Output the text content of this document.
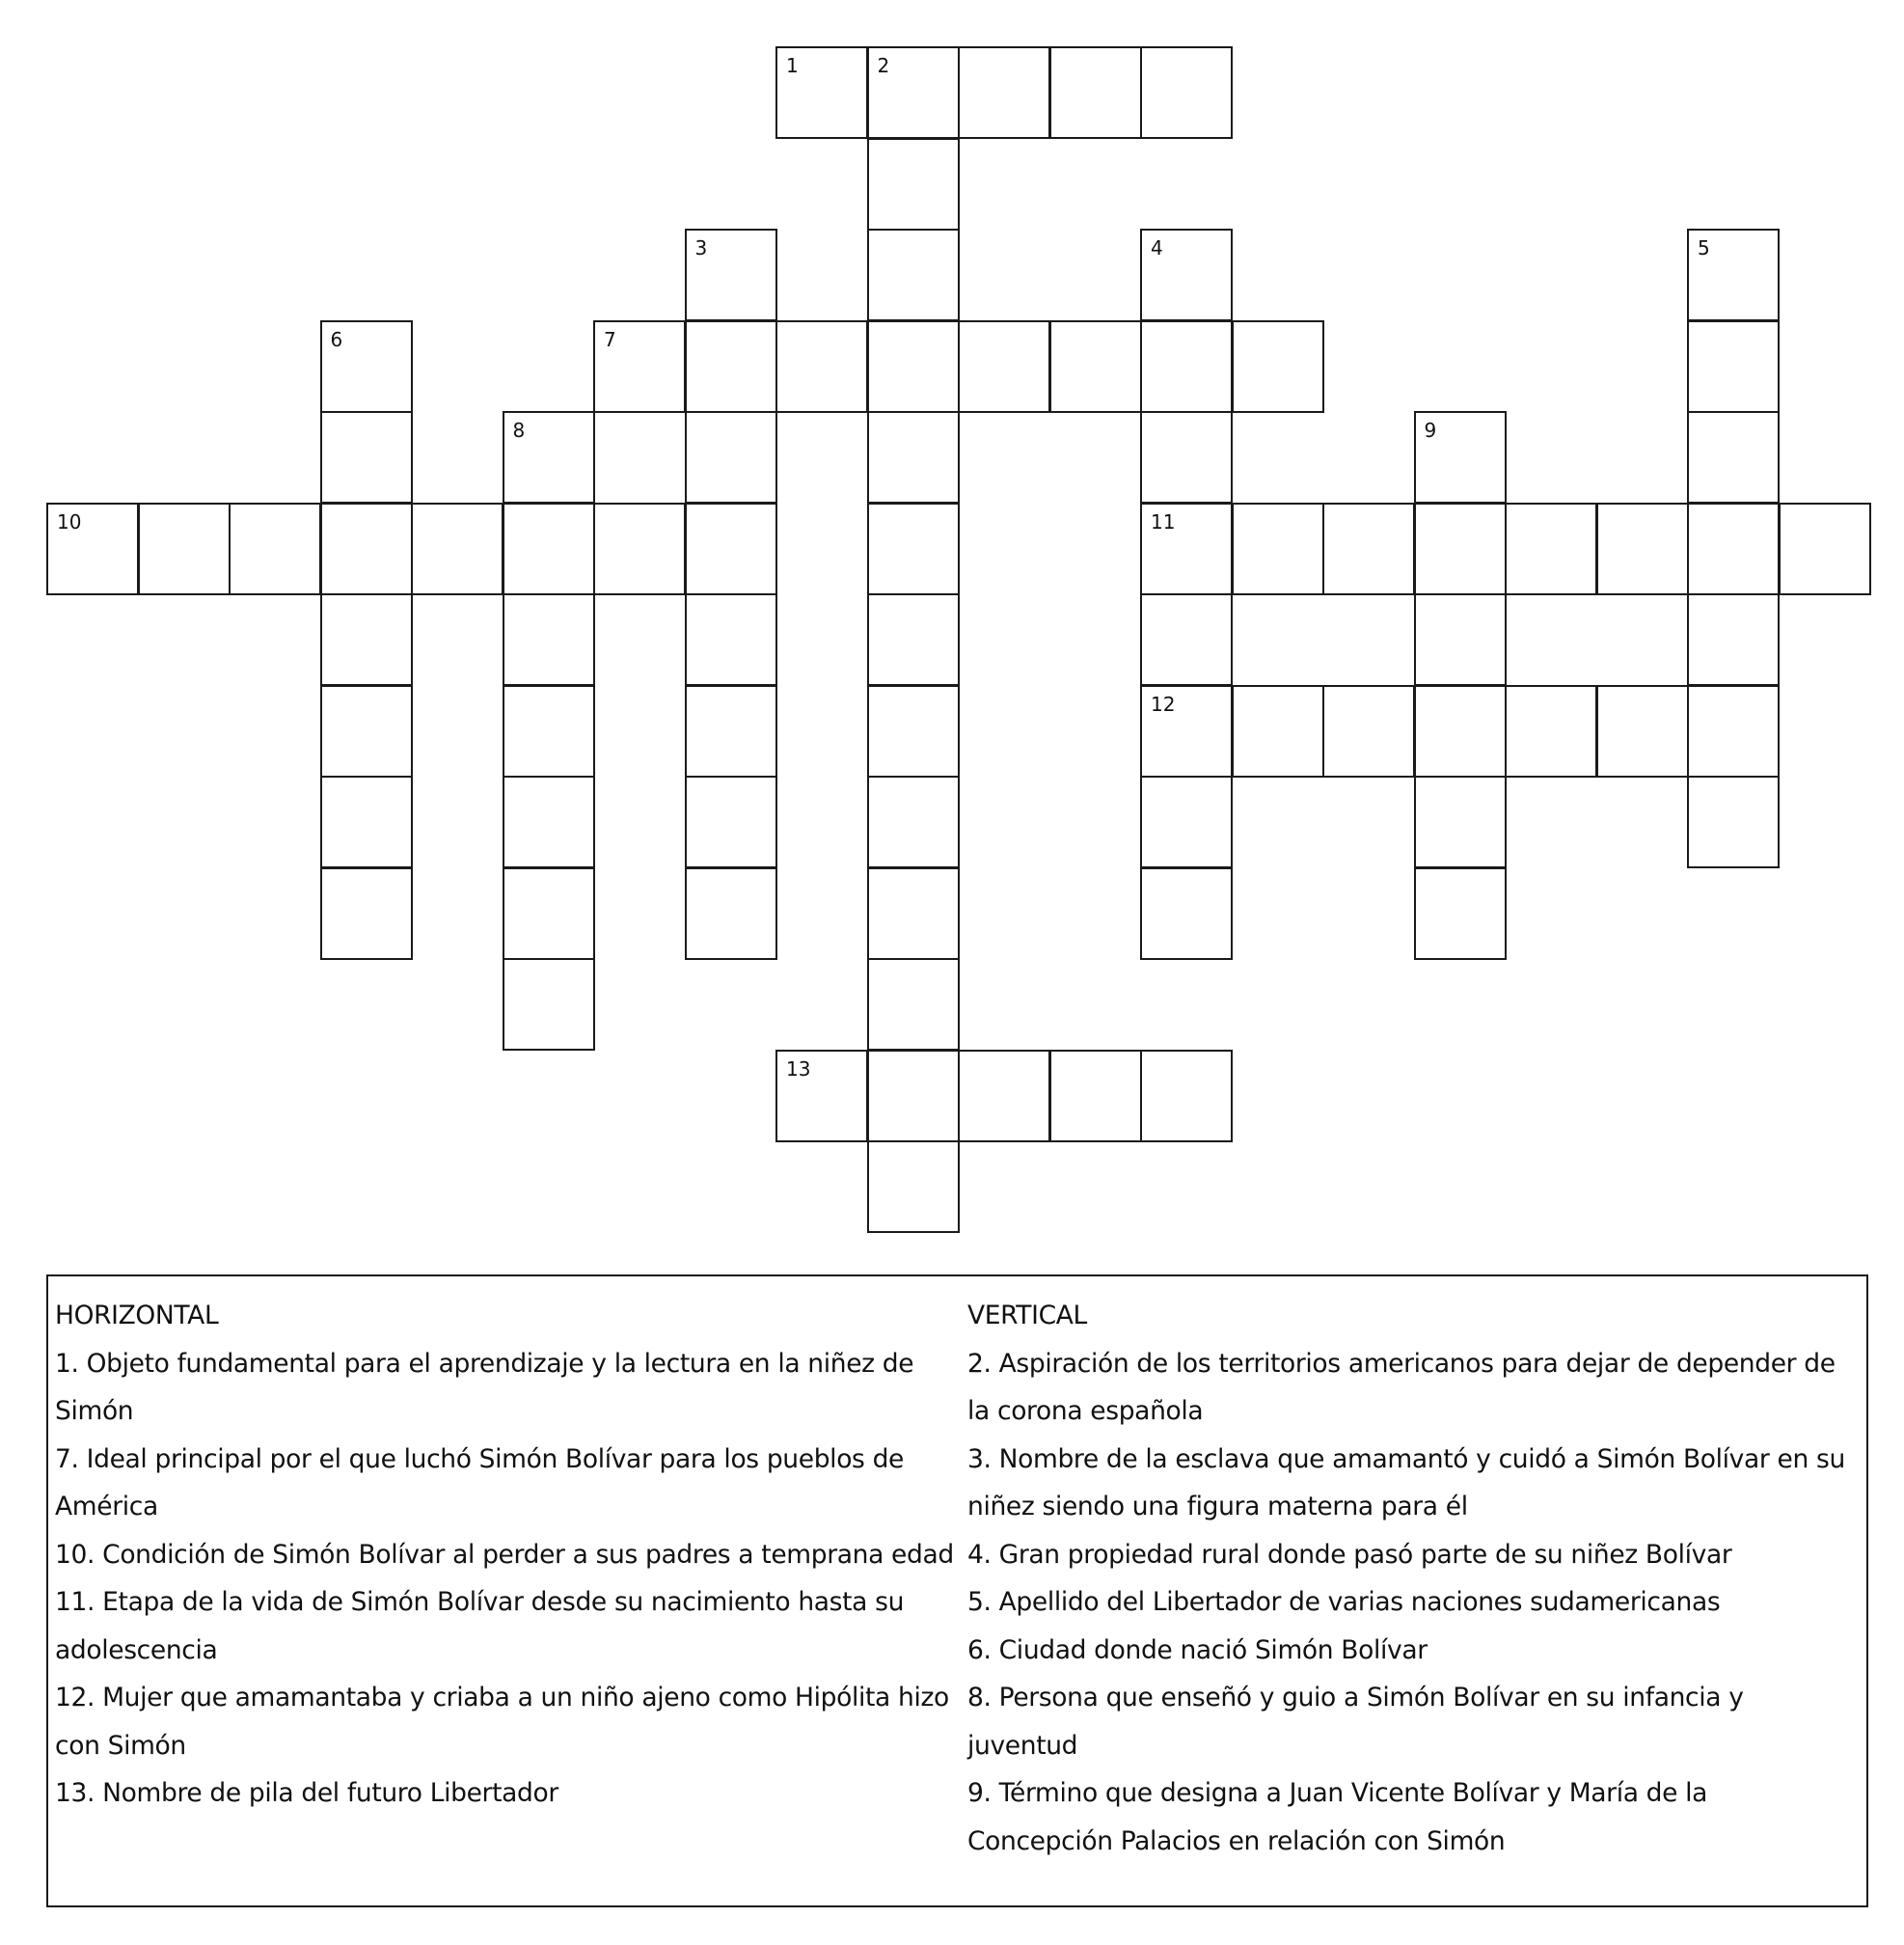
1	2
3	4	5
6	7
8	9
10	11
12
13
HORIZONTAL
1. Objeto fundamental para el aprendizaje y la lectura en la niñez de Simón
7. Ideal principal por el que luchó Simón Bolívar para los pueblos de América
10. Condición de Simón Bolívar al perder a sus padres a temprana edad
11. Etapa de la vida de Simón Bolívar desde su nacimiento hasta su adolescencia
12. Mujer que amamantaba y criaba a un niño ajeno como Hipólita hizo con Simón
13. Nombre de pila del futuro Libertador
VERTICAL
2. Aspiración de los territorios americanos para dejar de depender de la corona española
3. Nombre de la esclava que amamantó y cuidó a Simón Bolívar en su niñez siendo una figura materna para él
4. Gran propiedad rural donde pasó parte de su niñez Bolívar
5. Apellido del Libertador de varias naciones sudamericanas
6. Ciudad donde nació Simón Bolívar
8. Persona que enseñó y guio a Simón Bolívar en su infancia y juventud
9. Término que designa a Juan Vicente Bolívar y María de la Concepción Palacios en relación con Simón
